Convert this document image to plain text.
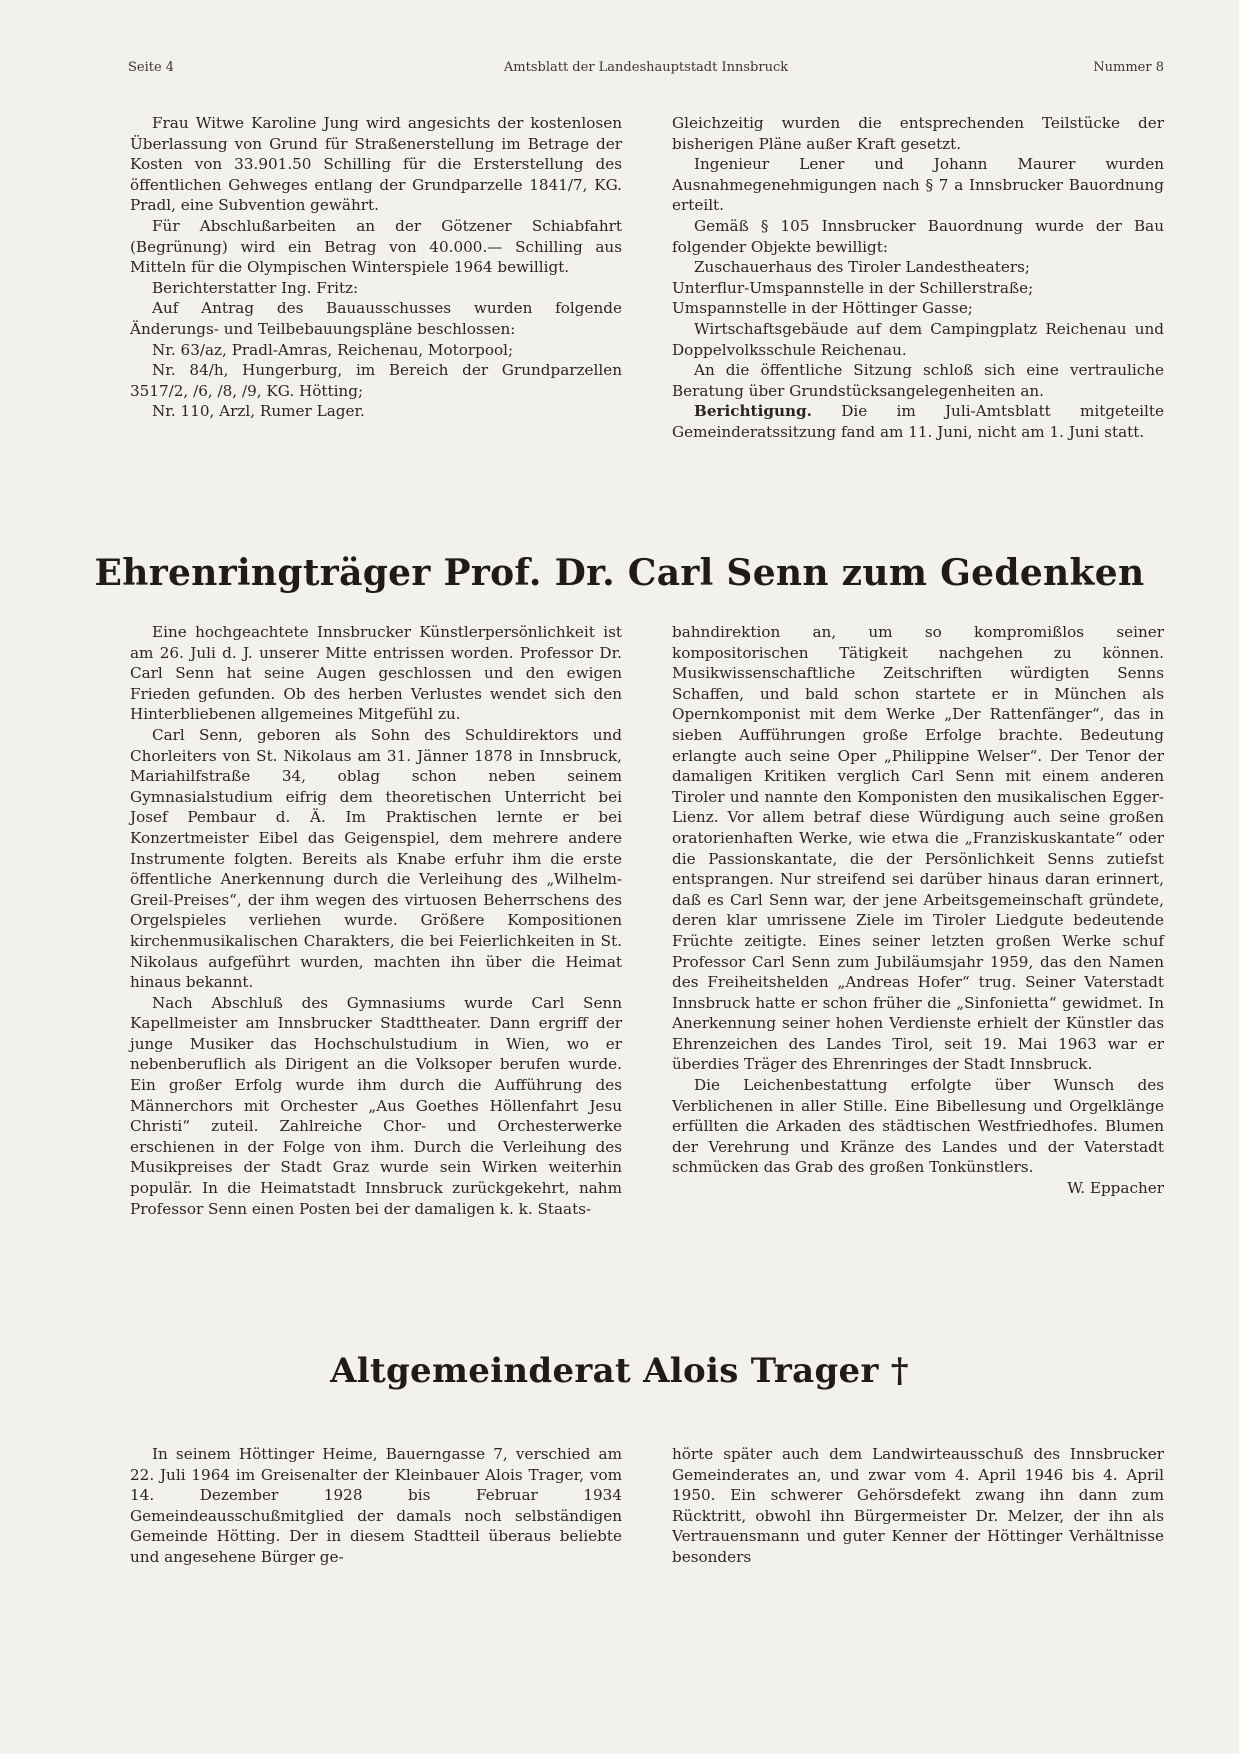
Seite 4	Amtsblatt der Landeshauptstadt Innsbruck	Nummer 8

Frau Witwe Karoline Jung wird angesichts der kostenlosen Überlassung von Grund für Straßenerstellung im Betrage der Kosten von 33.901.50 Schilling für die Ersterstellung des öffentlichen Gehweges entlang der Grundparzelle 1841/7, KG. Pradl, eine Subvention gewährt.

Für Abschlußarbeiten an der Götzener Schiabfahrt (Begrünung) wird ein Betrag von 40.000.— Schilling aus Mitteln für die Olympischen Winterspiele 1964 bewilligt.

Berichterstatter Ing. Fritz:

Auf Antrag des Bauausschusses wurden folgende Änderungs- und Teilbebauungspläne beschlossen:

Nr. 63/az, Pradl-Amras, Reichenau, Motorpool;

Nr. 84/h, Hungerburg, im Bereich der Grundparzellen 3517/2, /6, /8, /9, KG. Hötting;

Nr. 110, Arzl, Rumer Lager.

Gleichzeitig wurden die entsprechenden Teilstücke der bisherigen Pläne außer Kraft gesetzt.

Ingenieur Lener und Johann Maurer wurden Ausnahmegenehmigungen nach § 7 a Innsbrucker Bauordnung erteilt.

Gemäß § 105 Innsbrucker Bauordnung wurde der Bau folgender Objekte bewilligt:

Zuschauerhaus des Tiroler Landestheaters;

Unterflur-Umspannstelle in der Schillerstraße;

Umspannstelle in der Höttinger Gasse;

Wirtschaftsgebäude auf dem Campingplatz Reichenau und Doppelvolksschule Reichenau.

An die öffentliche Sitzung schloß sich eine vertrauliche Beratung über Grundstücksangelegenheiten an.

Berichtigung. Die im Juli-Amtsblatt mitgeteilte Gemeinderatssitzung fand am 11. Juni, nicht am 1. Juni statt.

Ehrenringträger Prof. Dr. Carl Senn zum Gedenken

Eine hochgeachtete Innsbrucker Künstlerpersönlichkeit ist am 26. Juli d. J. unserer Mitte entrissen worden. Professor Dr. Carl Senn hat seine Augen geschlossen und den ewigen Frieden gefunden. Ob des herben Verlustes wendet sich den Hinterbliebenen allgemeines Mitgefühl zu.

Carl Senn, geboren als Sohn des Schuldirektors und Chorleiters von St. Nikolaus am 31. Jänner 1878 in Innsbruck, Mariahilfstraße 34, oblag schon neben seinem Gymnasialstudium eifrig dem theoretischen Unterricht bei Josef Pembaur d. Ä. Im Praktischen lernte er bei Konzertmeister Eibel das Geigenspiel, dem mehrere andere Instrumente folgten. Bereits als Knabe erfuhr ihm die erste öffentliche Anerkennung durch die Verleihung des „Wilhelm-Greil-Preises“, der ihm wegen des virtuosen Beherrschens des Orgelspieles verliehen wurde. Größere Kompositionen kirchenmusikalischen Charakters, die bei Feierlichkeiten in St. Nikolaus aufgeführt wurden, machten ihn über die Heimat hinaus bekannt.

Nach Abschluß des Gymnasiums wurde Carl Senn Kapellmeister am Innsbrucker Stadttheater. Dann ergriff der junge Musiker das Hochschulstudium in Wien, wo er nebenberuflich als Dirigent an die Volksoper berufen wurde. Ein großer Erfolg wurde ihm durch die Aufführung des Männerchors mit Orchester „Aus Goethes Höllenfahrt Jesu Christi“ zuteil. Zahlreiche Chor- und Orchesterwerke erschienen in der Folge von ihm. Durch die Verleihung des Musikpreises der Stadt Graz wurde sein Wirken weiterhin populär. In die Heimatstadt Innsbruck zurückgekehrt, nahm Professor Senn einen Posten bei der damaligen k. k. Staats-

bahndirektion an, um so kompromißlos seiner kompositorischen Tätigkeit nachgehen zu können. Musikwissenschaftliche Zeitschriften würdigten Senns Schaffen, und bald schon startete er in München als Opernkomponist mit dem Werke „Der Rattenfänger“, das in sieben Aufführungen große Erfolge brachte. Bedeutung erlangte auch seine Oper „Philippine Welser“. Der Tenor der damaligen Kritiken verglich Carl Senn mit einem anderen Tiroler und nannte den Komponisten den musikalischen Egger-Lienz. Vor allem betraf diese Würdigung auch seine großen oratorienhaften Werke, wie etwa die „Franziskuskantate“ oder die Passionskantate, die der Persönlichkeit Senns zutiefst entsprangen. Nur streifend sei darüber hinaus daran erinnert, daß es Carl Senn war, der jene Arbeitsgemeinschaft gründete, deren klar umrissene Ziele im Tiroler Liedgute bedeutende Früchte zeitigte. Eines seiner letzten großen Werke schuf Professor Carl Senn zum Jubiläumsjahr 1959, das den Namen des Freiheitshelden „Andreas Hofer“ trug. Seiner Vaterstadt Innsbruck hatte er schon früher die „Sinfonietta“ gewidmet. In Anerkennung seiner hohen Verdienste erhielt der Künstler das Ehrenzeichen des Landes Tirol, seit 19. Mai 1963 war er überdies Träger des Ehrenringes der Stadt Innsbruck.

Die Leichenbestattung erfolgte über Wunsch des Verblichenen in aller Stille. Eine Bibellesung und Orgelklänge erfüllten die Arkaden des städtischen Westfriedhofes. Blumen der Verehrung und Kränze des Landes und der Vaterstadt schmücken das Grab des großen Tonkünstlers.

W. Eppacher

Altgemeinderat Alois Trager †

In seinem Höttinger Heime, Bauerngasse 7, verschied am 22. Juli 1964 im Greisenalter der Kleinbauer Alois Trager, vom 14. Dezember 1928 bis Februar 1934 Gemeindeausschußmitglied der damals noch selbständigen Gemeinde Hötting. Der in diesem Stadtteil überaus beliebte und angesehene Bürger ge-

hörte später auch dem Landwirteausschuß des Innsbrucker Gemeinderates an, und zwar vom 4. April 1946 bis 4. April 1950. Ein schwerer Gehörsdefekt zwang ihn dann zum Rücktritt, obwohl ihn Bürgermeister Dr. Melzer, der ihn als Vertrauensmann und guter Kenner der Höttinger Verhältnisse besonders
